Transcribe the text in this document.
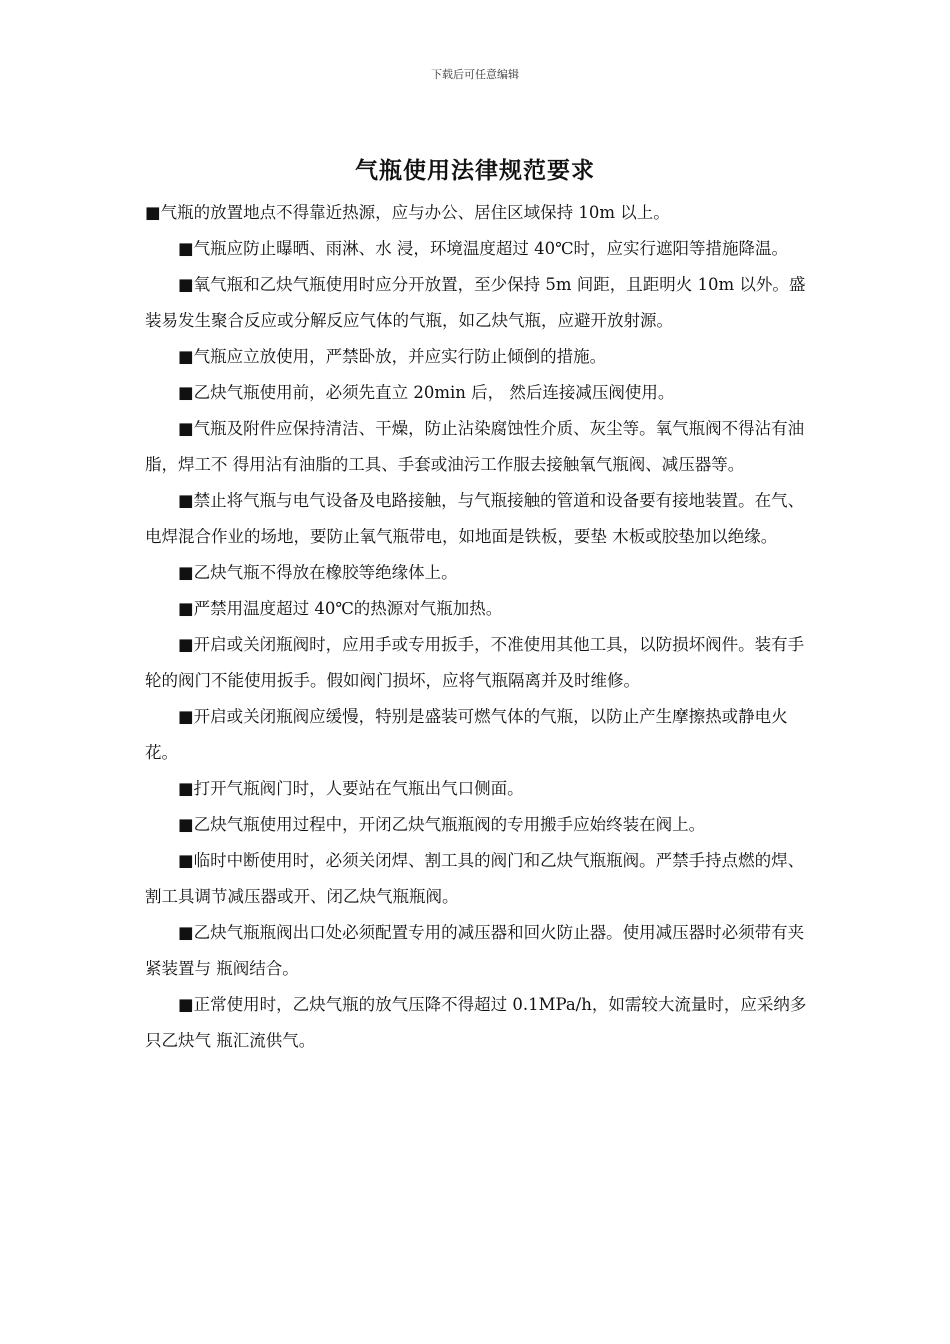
下载后可任意编辑
气瓶使用法律规范要求

■气瓶的放置地点不得靠近热源，应与办公、居住区域保持 10m 以上。

■气瓶应防止曝晒、雨淋、水 浸，环境温度超过 40℃时，应实行遮阳等措施降温。

■氧气瓶和乙炔气瓶使用时应分开放置，至少保持 5m 间距，且距明火 10m 以外。盛装易发生聚合反应或分解反应气体的气瓶，如乙炔气瓶，应避开放射源。

■气瓶应立放使用，严禁卧放，并应实行防止倾倒的措施。

■乙炔气瓶使用前，必须先直立 20min 后， 然后连接减压阀使用。

■气瓶及附件应保持清洁、干燥，防止沾染腐蚀性介质、灰尘等。氧气瓶阀不得沾有油脂，焊工不 得用沾有油脂的工具、手套或油污工作服去接触氧气瓶阀、减压器等。

■禁止将气瓶与电气设备及电路接触，与气瓶接触的管道和设备要有接地装置。在气、电焊混合作业的场地，要防止氧气瓶带电，如地面是铁板，要垫 木板或胶垫加以绝缘。

■乙炔气瓶不得放在橡胶等绝缘体上。

■严禁用温度超过 40℃的热源对气瓶加热。

■开启或关闭瓶阀时，应用手或专用扳手，不准使用其他工具，以防损坏阀件。装有手轮的阀门不能使用扳手。假如阀门损坏，应将气瓶隔离并及时维修。

■开启或关闭瓶阀应缓慢，特别是盛装可燃气体的气瓶，以防止产生摩擦热或静电火花。

■打开气瓶阀门时，人要站在气瓶出气口侧面。

■乙炔气瓶使用过程中，开闭乙炔气瓶瓶阀的专用搬手应始终装在阀上。

■临时中断使用时，必须关闭焊、割工具的阀门和乙炔气瓶瓶阀。严禁手持点燃的焊、割工具调节减压器或开、闭乙炔气瓶瓶阀。

■乙炔气瓶瓶阀出口处必须配置专用的减压器和回火防止器。使用减压器时必须带有夹紧装置与 瓶阀结合。

■正常使用时，乙炔气瓶的放气压降不得超过 0.1MPa/h，如需较大流量时，应采纳多只乙炔气 瓶汇流供气。
